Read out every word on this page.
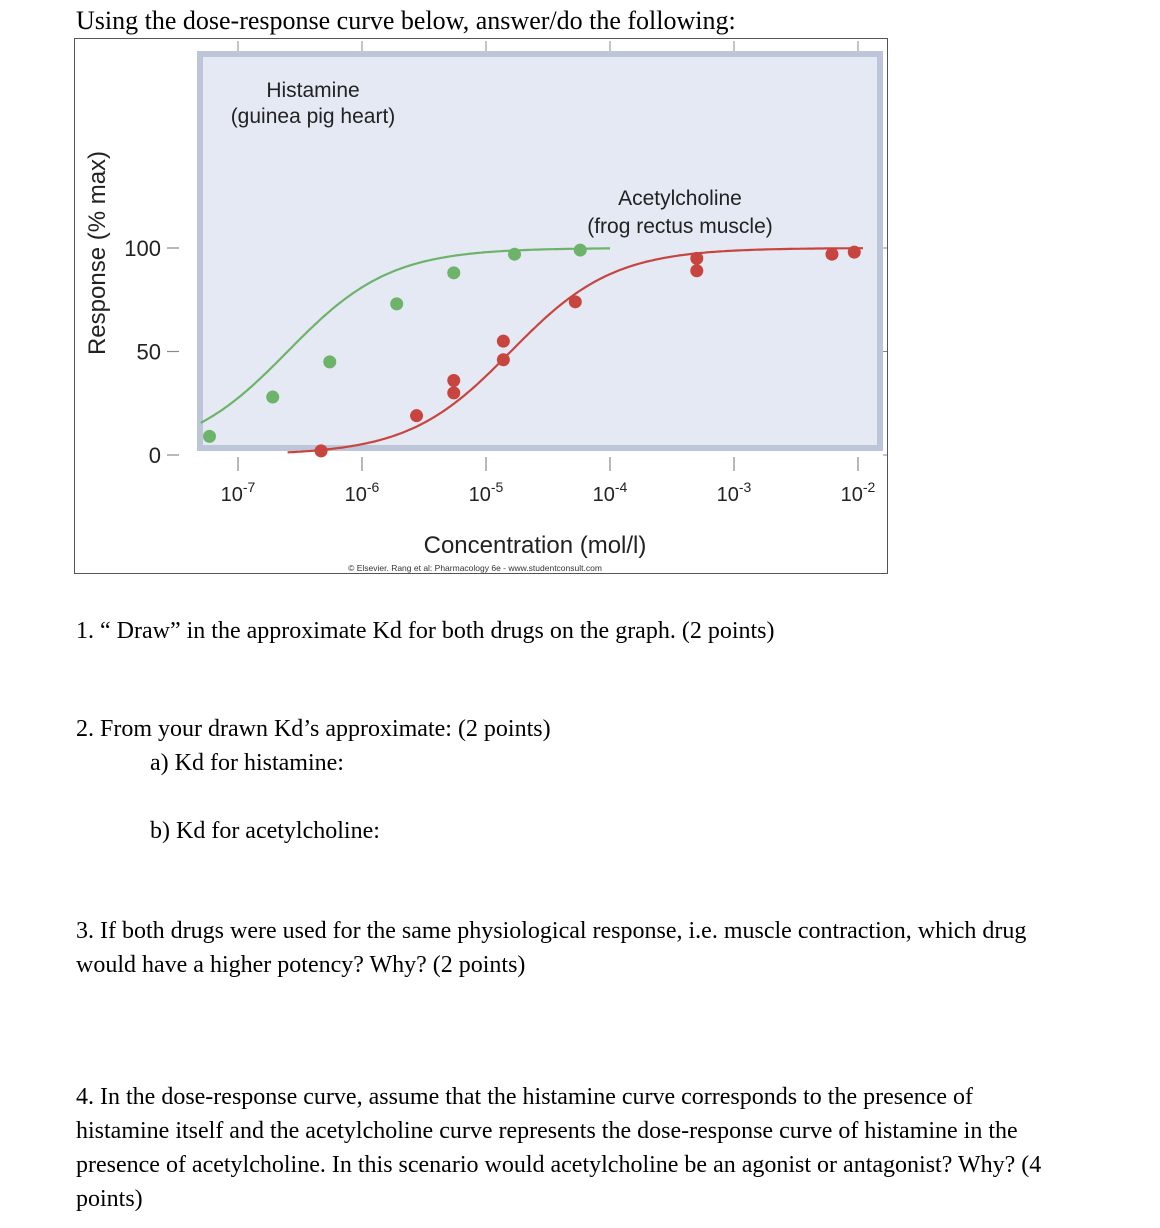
Using the dose-response curve below, answer/do the following:
$10^{-7}$	$10^{-6}$	$10^{-5}$	$10^{-4}$	$10^{-3}$	$10^{-2}$
0
50
100
Response (% max)
Concentration (mol/l)
© Elsevier. Rang et al: Pharmacology 6e - www.studentconsult.com
Histamine
(guinea pig heart)
Acetylcholine
(frog rectus muscle)
1. “ Draw” in the approximate Kd for both drugs on the graph. (2 points)
2. From your drawn Kd’s approximate: (2 points)
a) Kd for histamine:
b) Kd for acetylcholine:
3. If both drugs were used for the same physiological response, i.e. muscle contraction, which drug would have a higher potency? Why? (2 points)
4. In the dose-response curve, assume that the histamine curve corresponds to the presence of histamine itself and the acetylcholine curve represents the dose-response curve of histamine in the presence of acetylcholine. In this scenario would acetylcholine be an agonist or antagonist? Why? (4 points)
